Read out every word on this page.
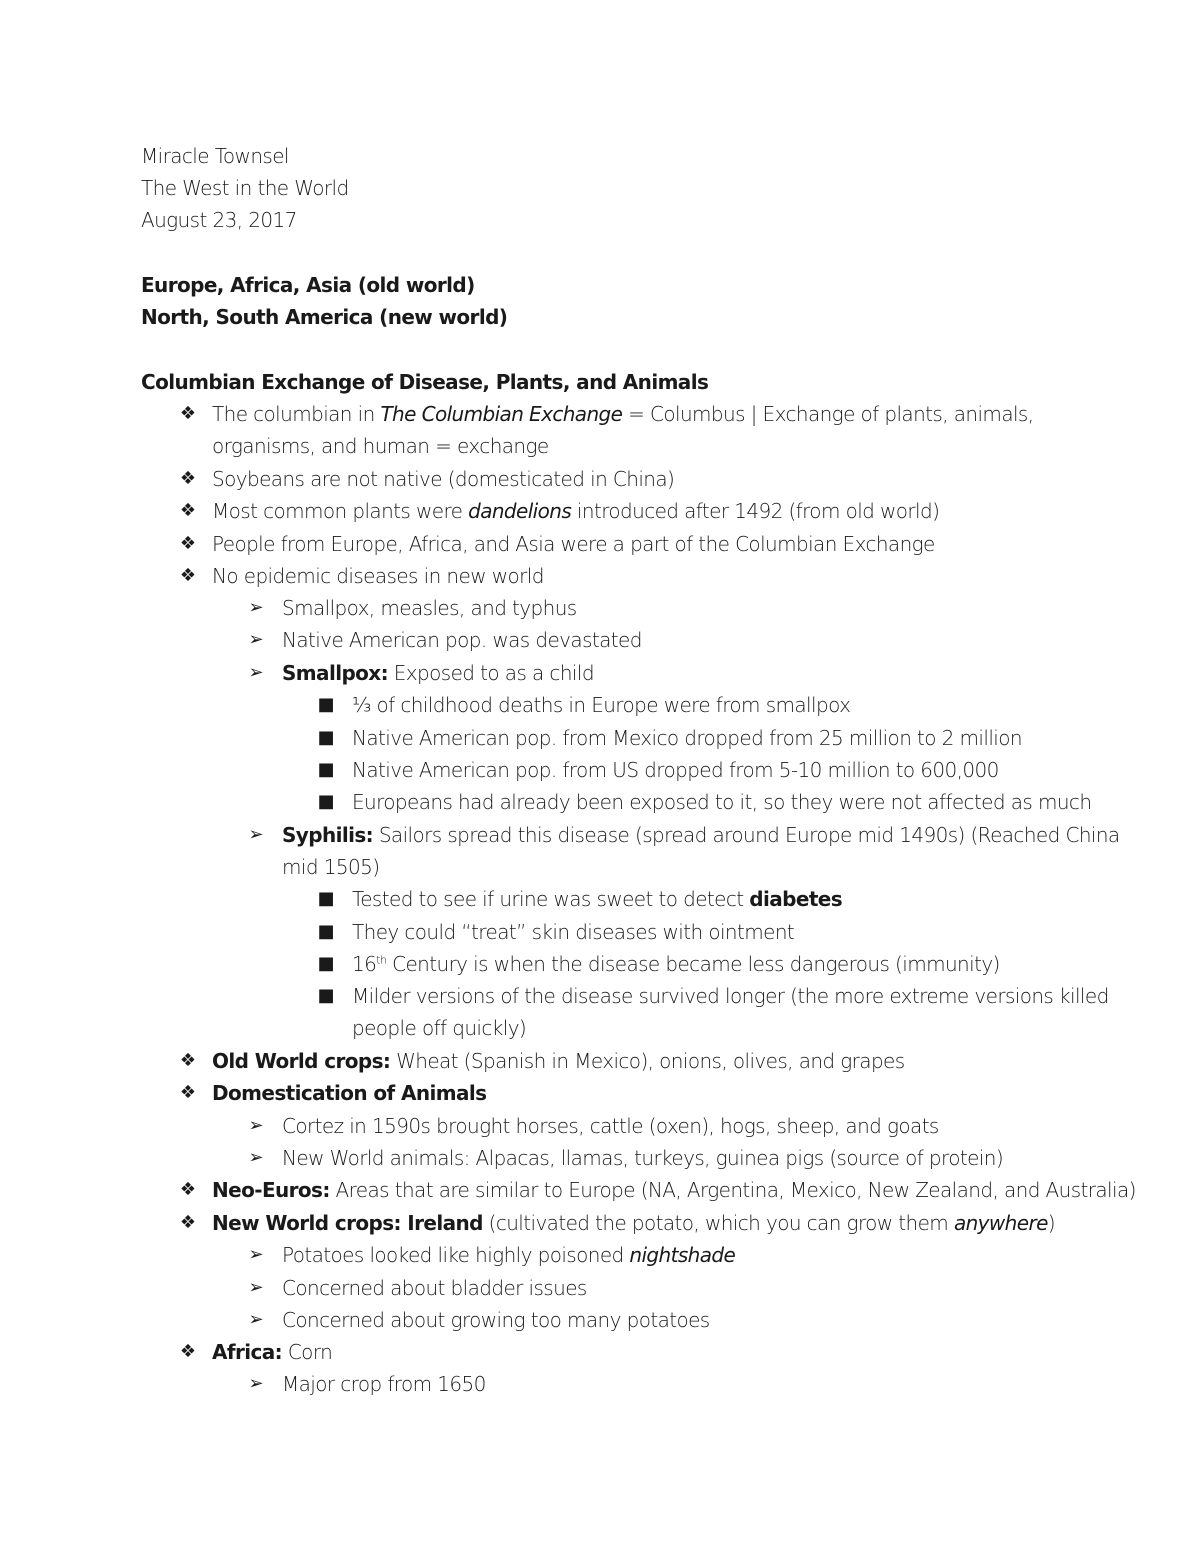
Miracle Townsel
The West in the World
August 23, 2017
Europe, Africa, Asia (old world)
North, South America (new world)
Columbian Exchange of Disease, Plants, and Animals
❖ The columbian in The Columbian Exchange = Columbus | Exchange of plants, animals,
organisms, and human = exchange
❖ Soybeans are not native (domesticated in China)
❖ Most common plants were dandelions introduced after 1492 (from old world)
❖ People from Europe, Africa, and Asia were a part of the Columbian Exchange
❖ No epidemic diseases in new world
➢ Smallpox, measles, and typhus
➢ Native American pop. was devastated
➢ Smallpox: Exposed to as a child
■ ⅓ of childhood deaths in Europe were from smallpox
■ Native American pop. from Mexico dropped from 25 million to 2 million
■ Native American pop. from US dropped from 5-10 million to 600,000
■ Europeans had already been exposed to it, so they were not affected as much
➢ Syphilis: Sailors spread this disease (spread around Europe mid 1490s) (Reached China
mid 1505)
■ Tested to see if urine was sweet to detect diabetes
■ They could “treat” skin diseases with ointment
■ 16th Century is when the disease became less dangerous (immunity)
■ Milder versions of the disease survived longer (the more extreme versions killed
people off quickly)
❖ Old World crops: Wheat (Spanish in Mexico), onions, olives, and grapes
❖ Domestication of Animals
➢ Cortez in 1590s brought horses, cattle (oxen), hogs, sheep, and goats
➢ New World animals: Alpacas, llamas, turkeys, guinea pigs (source of protein)
❖ Neo-Euros: Areas that are similar to Europe (NA, Argentina, Mexico, New Zealand, and Australia)
❖ New World crops: Ireland (cultivated the potato, which you can grow them anywhere)
➢ Potatoes looked like highly poisoned nightshade
➢ Concerned about bladder issues
➢ Concerned about growing too many potatoes
❖ Africa: Corn
➢ Major crop from 1650
